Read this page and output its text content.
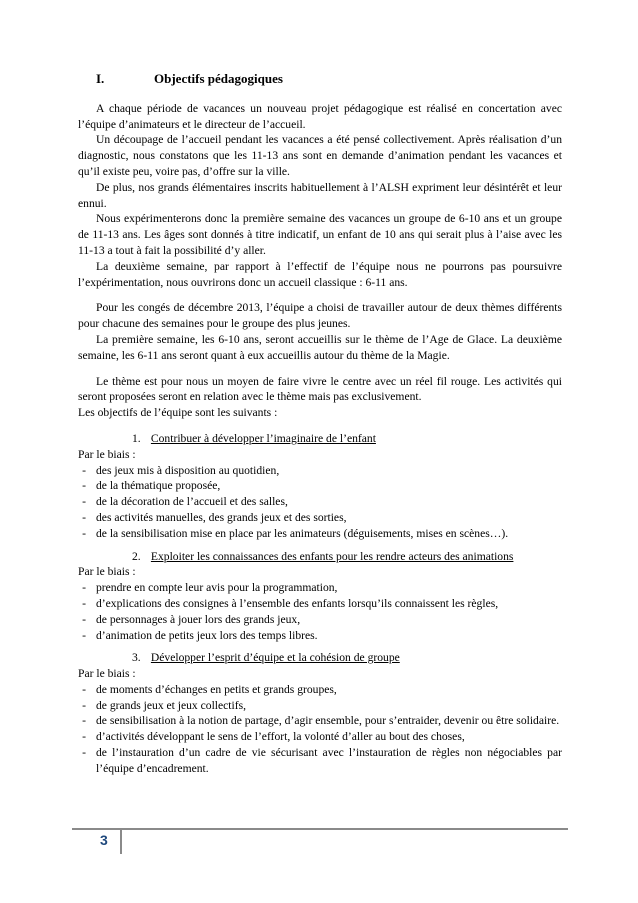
I.	Objectifs pédagogiques

A chaque période de vacances un nouveau projet pédagogique est réalisé en concertation avec l’équipe d’animateurs et le directeur de l’accueil.

Un découpage de l’accueil pendant les vacances a été pensé collectivement. Après réalisation d’un diagnostic, nous constatons que les 11-13 ans sont en demande d’animation pendant les vacances et qu’il existe peu, voire pas, d’offre sur la ville.

De plus, nos grands élémentaires inscrits habituellement à l’ALSH expriment leur désintérêt et leur ennui.

Nous expérimenterons donc la première semaine des vacances un groupe de 6-10 ans et un groupe de 11-13 ans. Les âges sont donnés à titre indicatif, un enfant de 10 ans qui serait plus à l’aise avec les 11-13 a tout à fait la possibilité d’y aller.

La deuxième semaine, par rapport à l’effectif de l’équipe nous ne pourrons pas poursuivre l’expérimentation, nous ouvrirons donc un accueil classique : 6-11 ans.

Pour les congés de décembre 2013, l’équipe a choisi de travailler autour de deux thèmes différents pour chacune des semaines pour le groupe des plus jeunes.

La première semaine, les 6-10 ans, seront accueillis sur le thème de l’Age de Glace. La deuxième semaine, les 6-11 ans seront quant à eux accueillis autour du thème de la Magie.

Le thème est pour nous un moyen de faire vivre le centre avec un réel fil rouge. Les activités qui seront proposées seront en relation avec le thème mais pas exclusivement.

Les objectifs de l’équipe sont les suivants :

1. Contribuer à développer l’imaginaire de l’enfant

Par le biais :

- des jeux mis à disposition au quotidien,
- de la thématique proposée,
- de la décoration de l’accueil et des salles,
- des activités manuelles, des grands jeux et des sorties,
- de la sensibilisation mise en place par les animateurs (déguisements, mises en scènes…).
2. Exploiter les connaissances des enfants pour les rendre acteurs des animations

Par le biais :

- prendre en compte leur avis pour la programmation,
- d’explications des consignes à l’ensemble des enfants lorsqu’ils connaissent les règles,
- de personnages à jouer lors des grands jeux,
- d’animation de petits jeux lors des temps libres.
3. Développer l’esprit d’équipe et la cohésion de groupe

Par le biais :

- de moments d’échanges en petits et grands groupes,
- de grands jeux et jeux collectifs,
- de sensibilisation à la notion de partage, d’agir ensemble, pour s’entraider, devenir ou être solidaire.
- d’activités développant le sens de l’effort, la volonté d’aller au bout des choses,
- de l’instauration d’un cadre de vie sécurisant avec l’instauration de règles non négociables par l’équipe d’encadrement.
3
